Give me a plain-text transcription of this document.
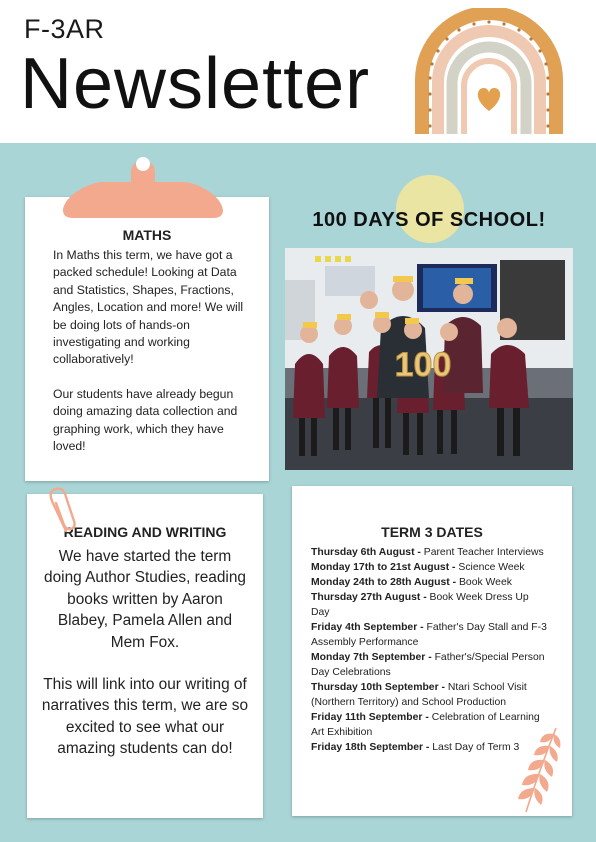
F-3AR
Newsletter
MATHS

In Maths this term, we have got a packed schedule! Looking at Data and Statistics, Shapes, Fractions, Angles, Location and more! We will be doing lots of hands-on investigating and working collaboratively!

Our students have already begun doing amazing data collection and graphing work, which they have loved!

100 DAYS OF SCHOOL!
100
READING AND WRITING

We have started the term doing Author Studies, reading books written by Aaron Blabey, Pamela Allen and Mem Fox.

This will link into our writing of narratives this term, we are so excited to see what our amazing students can do!

TERM 3 DATES
Thursday 6th August - Parent Teacher Interviews
Monday 17th to 21st August - Science Week
Monday 24th to 28th August - Book Week
Thursday 27th August - Book Week Dress Up Day
Friday 4th September - Father's Day Stall and F-3 Assembly Performance
Monday 7th September - Father's/Special Person Day Celebrations
Thursday 10th September - Ntari School Visit (Northern Territory) and School Production
Friday 11th September - Celebration of Learning Art Exhibition
Friday 18th September - Last Day of Term 3
